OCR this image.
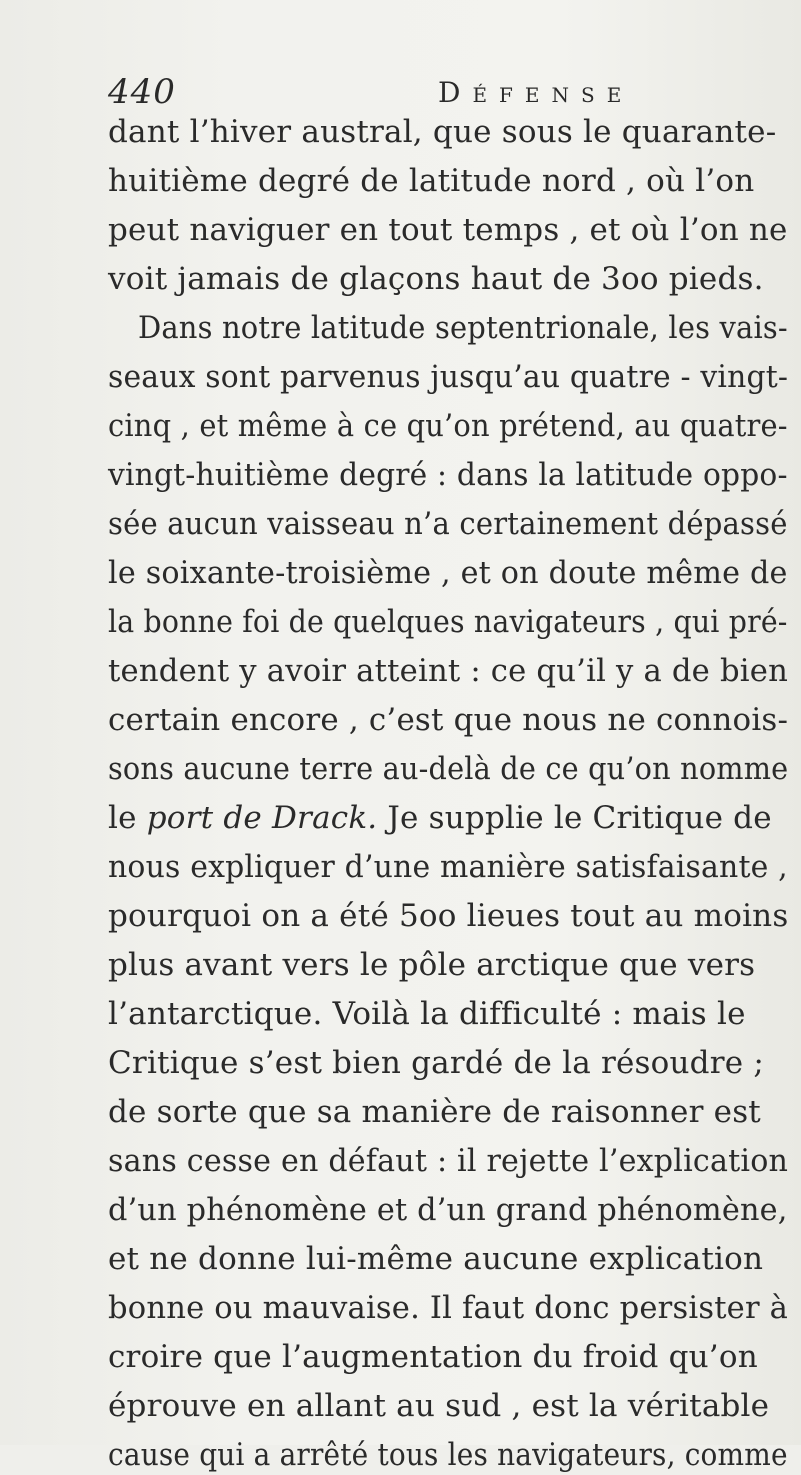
440	Défense
dant l’hiver austral, que sous le quarante-
huitième degré de latitude nord , où l’on
peut naviguer en tout temps , et où l’on ne
voit jamais de glaçons haut de 3oo pieds.
Dans notre latitude septentrionale, les vais-
seaux sont parvenus jusqu’au quatre - vingt-
cinq , et même à ce qu’on prétend, au quatre-
vingt-huitième degré : dans la latitude oppo-
sée aucun vaisseau n’a certainement dépassé
le soixante-troisième , et on doute même de
la bonne foi de quelques navigateurs , qui pré-
tendent y avoir atteint : ce qu’il y a de bien
certain encore , c’est que nous ne connois-
sons aucune terre au-delà de ce qu’on nomme
le port de Drack. Je supplie le Critique de
nous expliquer d’une manière satisfaisante ,
pourquoi on a été 5oo lieues tout au moins
plus avant vers le pôle arctique que vers
l’antarctique. Voilà la difficulté : mais le
Critique s’est bien gardé de la résoudre ;
de sorte que sa manière de raisonner est
sans cesse en défaut : il rejette l’explication
d’un phénomène et d’un grand phénomène,
et ne donne lui-même aucune explication
bonne ou mauvaise. Il faut donc persister à
croire que l’augmentation du froid qu’on
éprouve en allant au sud , est la véritable
cause qui a arrêté tous les navigateurs, comme
